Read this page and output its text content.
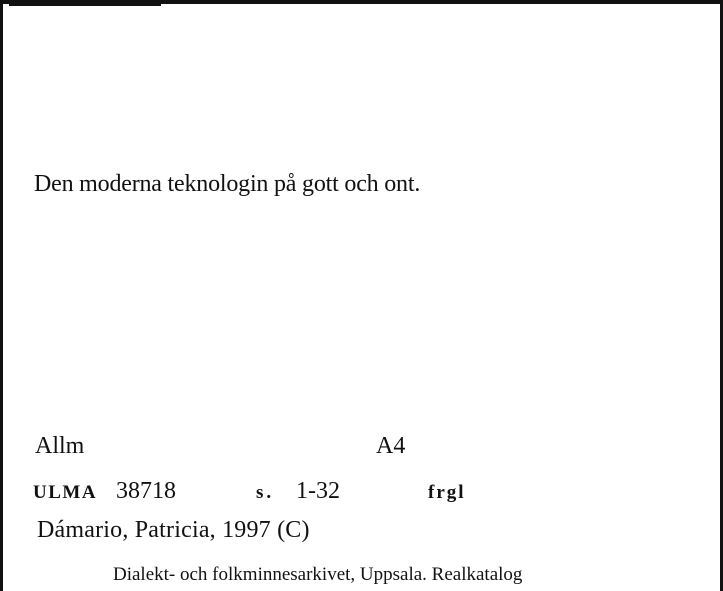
Den moderna teknologin på gott och ont.
Allm	A4
ULMA 38718	s. 1-32	frgl
Dámario, Patricia, 1997 (C)
Dialekt- och folkminnesarkivet, Uppsala. Realkatalog
